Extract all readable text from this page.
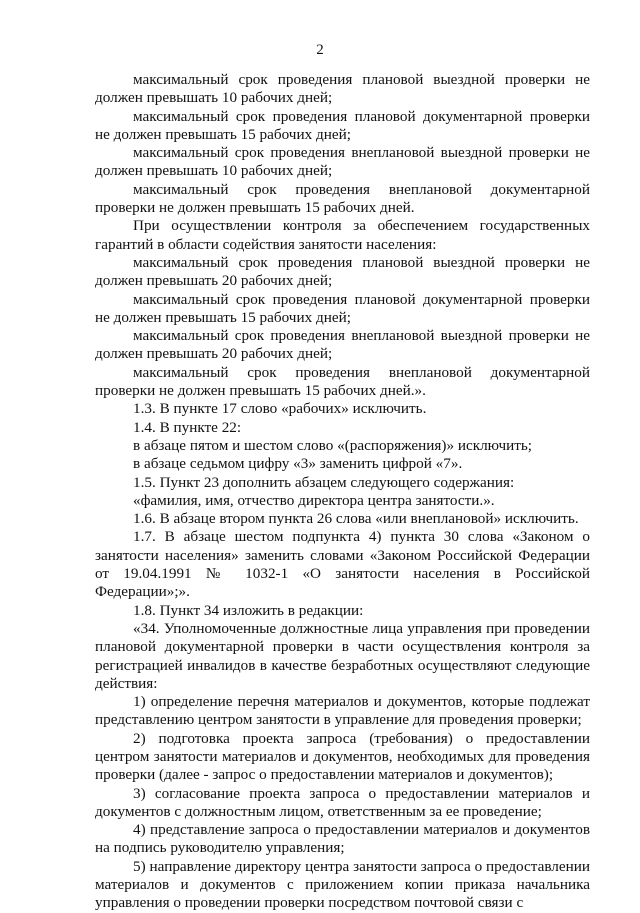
2

максимальный срок проведения плановой выездной проверки не должен превышать 10 рабочих дней;

максимальный срок проведения плановой документарной проверки не должен превышать 15 рабочих дней;

максимальный срок проведения внеплановой выездной проверки не должен превышать 10 рабочих дней;

максимальный срок проведения внеплановой документарной проверки не должен превышать 15 рабочих дней.

При осуществлении контроля за обеспечением государственных гарантий в области содействия занятости населения:

максимальный срок проведения плановой выездной проверки не должен превышать 20 рабочих дней;

максимальный срок проведения плановой документарной проверки не должен превышать 15 рабочих дней;

максимальный срок проведения внеплановой выездной проверки не должен превышать 20 рабочих дней;

максимальный срок проведения внеплановой документарной проверки не должен превышать 15 рабочих дней.».

1.3. В пункте 17 слово «рабочих» исключить.

1.4. В пункте 22:

в абзаце пятом и шестом слово «(распоряжения)» исключить;

в абзаце седьмом цифру «3» заменить цифрой «7».

1.5. Пункт 23 дополнить абзацем следующего содержания:

«фамилия, имя, отчество директора центра занятости.».

1.6. В абзаце втором пункта 26 слова «или внеплановой» исключить.

1.7. В абзаце шестом подпункта 4) пункта 30 слова «Законом о занятости населения» заменить словами «Законом Российской Федерации от 19.04.1991 № 1032-1 «О занятости населения в Российской Федерации»;».

1.8. Пункт 34 изложить в редакции:

«34. Уполномоченные должностные лица управления при проведении плановой документарной проверки в части осуществления контроля за регистрацией инвалидов в качестве безработных осуществляют следующие действия:

1) определение перечня материалов и документов, которые подлежат представлению центром занятости в управление для проведения проверки;

2) подготовка проекта запроса (требования) о предоставлении центром занятости материалов и документов, необходимых для проведения проверки (далее - запрос о предоставлении материалов и документов);

3) согласование проекта запроса о предоставлении материалов и документов с должностным лицом, ответственным за ее проведение;

4) представление запроса о предоставлении материалов и документов на подпись руководителю управления;

5) направление директору центра занятости запроса о предоставлении материалов и документов с приложением копии приказа начальника управления о проведении проверки посредством почтовой связи с
